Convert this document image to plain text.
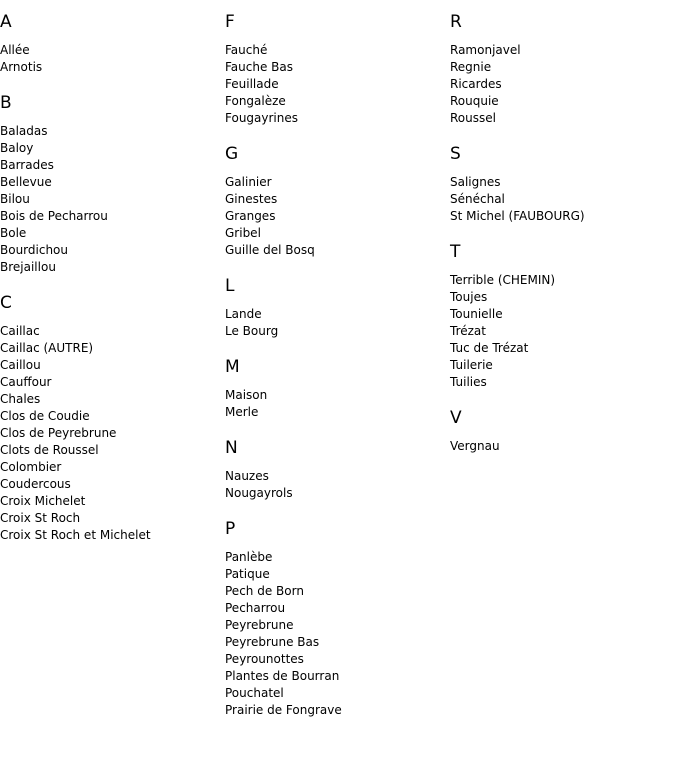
A
Allée
Arnotis
B
Baladas
Baloy
Barrades
Bellevue
Bilou
Bois de Pecharrou
Bole
Bourdichou
Brejaillou
C
Caillac
Caillac (AUTRE)
Caillou
Cauffour
Chales
Clos de Coudie
Clos de Peyrebrune
Clots de Roussel
Colombier
Coudercous
Croix Michelet
Croix St Roch
Croix St Roch et Michelet
F
Fauché
Fauche Bas
Feuillade
Fongalèze
Fougayrines
G
Galinier
Ginestes
Granges
Gribel
Guille del Bosq
L
Lande
Le Bourg
M
Maison
Merle
N
Nauzes
Nougayrols
P
Panlèbe
Patique
Pech de Born
Pecharrou
Peyrebrune
Peyrebrune Bas
Peyrounottes
Plantes de Bourran
Pouchatel
Prairie de Fongrave
R
Ramonjavel
Regnie
Ricardes
Rouquie
Roussel
S
Salignes
Sénéchal
St Michel (FAUBOURG)
T
Terrible (CHEMIN)
Toujes
Tounielle
Trézat
Tuc de Trézat
Tuilerie
Tuilies
V
Vergnau
